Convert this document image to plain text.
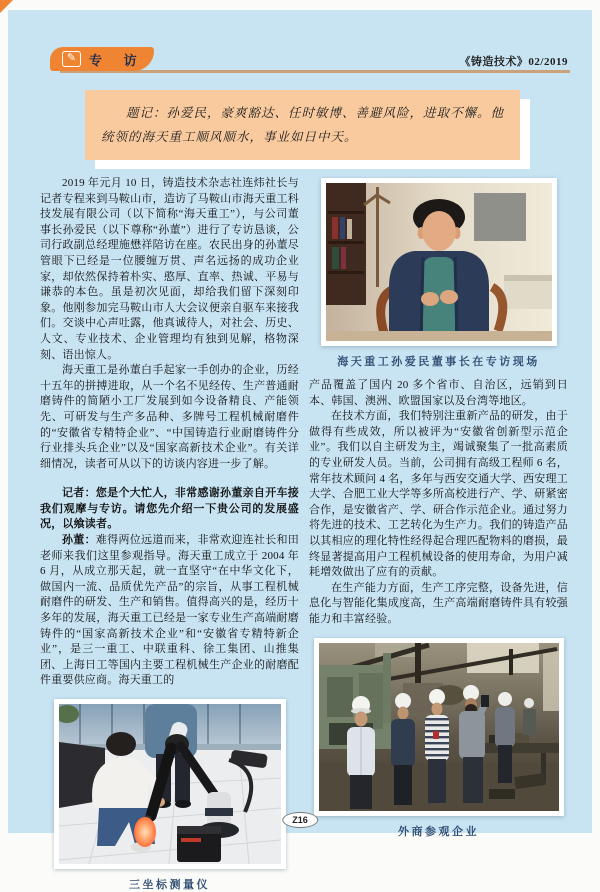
✎ 专 访	《铸造技术》02/2019
题记：孙爱民，豪爽豁达、任时敏博、善避风险，进取不懈。他统领的海天重工顺风顺水，事业如日中天。

2019 年元月 10 日，铸造技术杂志社连炜社长与记者专程来到马鞍山市，造访了马鞍山市海天重工科技发展有限公司（以下简称“海天重工”），与公司董事长孙爱民（以下尊称“孙董”）进行了专访恳谈，公司行政副总经理施懋祥陪访在座。农民出身的孙董尽管眼下已经是一位腰缠万贯、声名远扬的成功企业家，却依然保持着朴实、憨厚、直率、热诚、平易与谦恭的本色。虽是初次见面，却给我们留下深刻印象。他刚参加完马鞍山市人大会议便亲自驱车来接我们。交谈中心声吐露，他真诚待人，对社会、历史、人文、专业技术、企业管理均有独到见解，格物深刻、语出惊人。

海天重工是孙董白手起家一手创办的企业，历经十五年的拼搏进取，从一个名不见经传、生产普通耐磨铸件的简陋小工厂发展到如今设备精良、产能领先、可研发与生产多品种、多牌号工程机械耐磨件的“安徽省专精特企业”、“中国铸造行业耐磨铸件分行业排头兵企业”以及“国家高新技术企业”。有关详细情况，读者可从以下的访谈内容进一步了解。

记者：您是个大忙人，非常感谢孙董亲自开车接我们观摩与专访。请您先介绍一下贵公司的发展盛况，以飨读者。

孙董：难得两位远道而来，非常欢迎连社长和田老师来我们这里参观指导。海天重工成立于 2004 年 6 月，从成立那天起，就一直坚守“在中华文化下，做国内一流、品质优先产品”的宗旨，从事工程机械耐磨件的研发、生产和销售。值得高兴的是，经历十多年的发展，海天重工已经是一家专业生产高端耐磨铸件的“国家高新技术企业”和“安徽省专精特新企业”，是三一重工、中联重科、徐工集团、山推集团、上海日工等国内主要工程机械生产企业的耐磨配件重要供应商。海天重工的

三坐标测量仪
海天重工孙爱民董事长在专访现场

产品覆盖了国内 20 多个省市、自治区，远销到日本、韩国、澳洲、欧盟国家以及台湾等地区。

在技术方面，我们特别注重新产品的研发，由于做得有些成效，所以被评为“安徽省创新型示范企业”。我们以自主研发为主，竭诚聚集了一批高素质的专业研发人员。当前，公司拥有高级工程师 6 名，常年技术顾问 4 名，多年与西安交通大学、西安理工大学、合肥工业大学等多所高校进行产、学、研紧密合作，是安徽省产、学、研合作示范企业。通过努力将先进的技术、工艺转化为生产力。我们的铸造产品以其相应的理化特性经得起合理匹配物料的磨损，最终显著提高用户工程机械设备的使用寿命，为用户减耗增效做出了应有的贡献。

在生产能力方面，生产工序完整，设备先进，信息化与智能化集成度高，生产高端耐磨铸件具有较强能力和丰富经验。

外商参观企业
Z16
